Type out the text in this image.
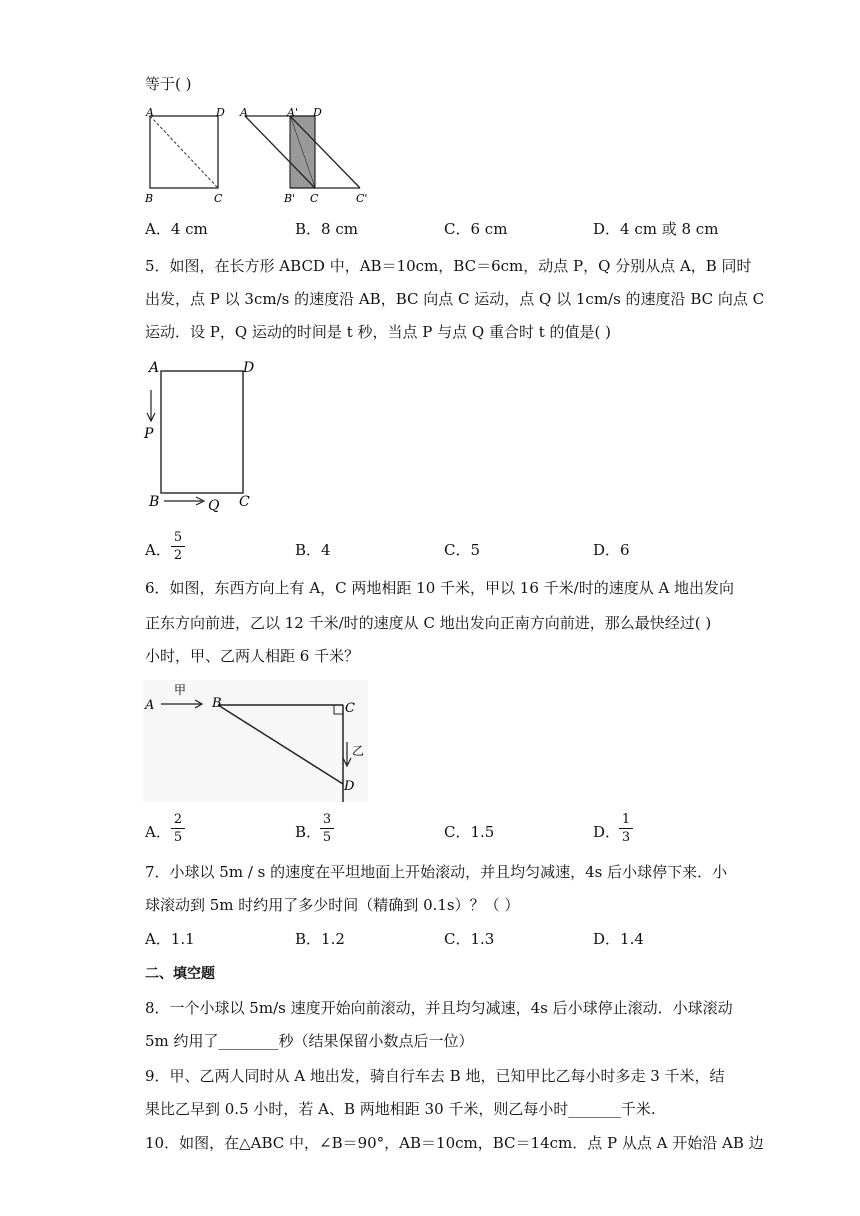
等于( )
A	D
B	C
A	A' D
B' C	C'
A．4 cm	B．8 cm	C．6 cm	D．4 cm 或 8 cm
5．如图，在长方形 ABCD 中，AB＝10cm，BC＝6cm，动点 P，Q 分别从点 A，B 同时
出发，点 P 以 3cm/s 的速度沿 AB，BC 向点 C 运动，点 Q 以 1cm/s 的速度沿 BC 向点 C
运动．设 P，Q 运动的时间是 t 秒，当点 P 与点 Q 重合时 t 的值是( )
A	D
P
B	Q C
A．
5
2	B．4	C．5	D．6
6．如图，东西方向上有 A，C 两地相距 10 千米，甲以 16 千米/时的速度从 A 地出发向
正东方向前进，乙以 12 千米/时的速度从 C 地出发向正南方向前进，那么最快经过( )
小时，甲、乙两人相距 6 千米？
A
甲
B	C
乙
D
A．
2
5	B．
3
5	C．1.5	D．
1
3
7．小球以 5m / s 的速度在平坦地面上开始滚动，并且均匀减速，4s 后小球停下来．小
球滚动到 5m 时约用了多少时间（精确到 0.1s）？（ ）
A．1.1	B．1.2	C．1.3	D．1.4
二、填空题
8．一个小球以 5m/s 速度开始向前滚动，并且均匀减速，4s 后小球停止滚动．小球滚动
5m 约用了________秒（结果保留小数点后一位）
9．甲、乙两人同时从 A 地出发，骑自行车去 B 地，已知甲比乙每小时多走 3 千米，结
果比乙早到 0.5 小时，若 A、B 两地相距 30 千米，则乙每小时_______千米.
10．如图，在△ABC 中，∠B＝90°，AB＝10cm，BC＝14cm．点 P 从点 A 开始沿 AB 边
